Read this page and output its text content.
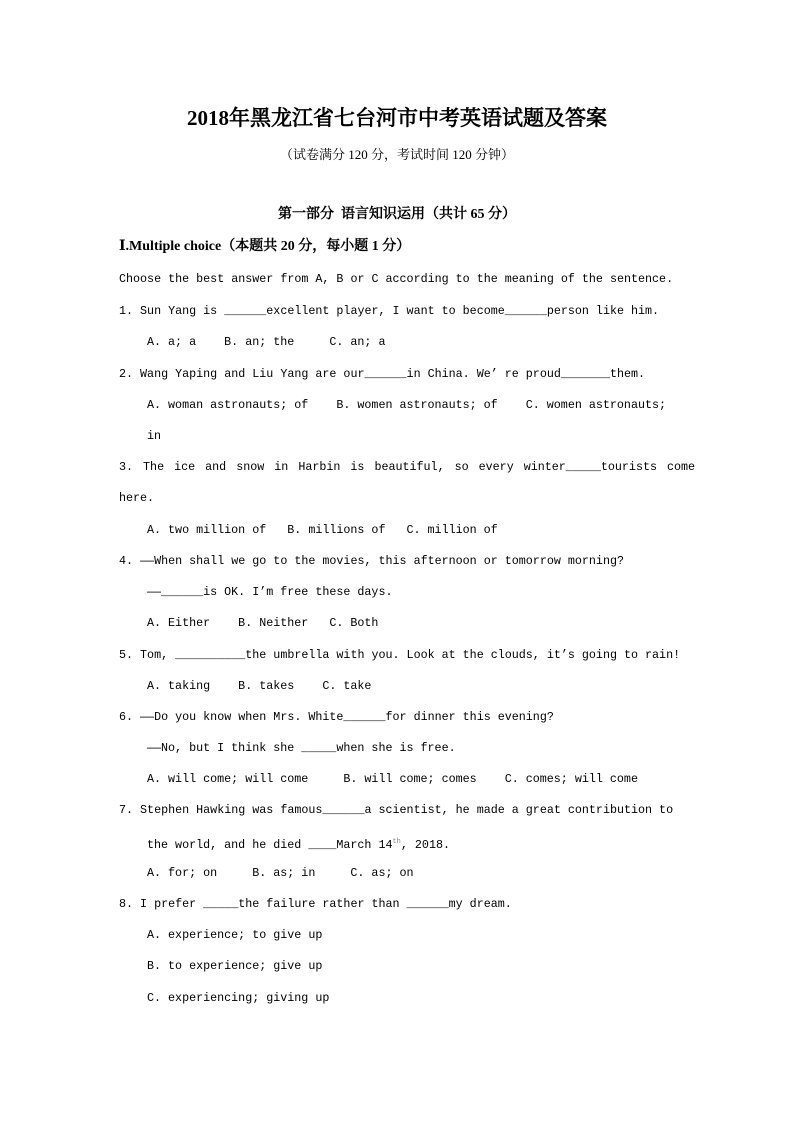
2018年黑龙江省七台河市中考英语试题及答案
（试卷满分 120 分，考试时间 120 分钟）
第一部分  语言知识运用（共计 65 分）
Ⅰ.Multiple choice（本题共 20 分，每小题 1 分）
Choose the best answer from A, B or C according to the meaning of the sentence.
1. Sun Yang is ______excellent player, I want to become______person like him.
A. a; a    B. an; the     C. an; a
2. Wang Yaping and Liu Yang are our______in China. We’ re proud_______them.
A. woman astronauts; of    B. women astronauts; of    C. women astronauts;
in
3. The ice and snow in Harbin is beautiful, so every winter_____tourists come
here.
A. two million of   B. millions of   C. million of
4. ——When shall we go to the movies, this afternoon or tomorrow morning?
——______is OK. I’m free these days.
A. Either    B. Neither   C. Both
5. Tom, __________the umbrella with you. Look at the clouds, it’s going to rain!
A. taking    B. takes    C. take
6. ——Do you know when Mrs. White______for dinner this evening?
——No, but I think she _____when she is free.
A. will come; will come     B. will come; comes    C. comes; will come
7. Stephen Hawking was famous______a scientist, he made a great contribution to
the world, and he died ____March 14th, 2018.
A. for; on     B. as; in     C. as; on
8. I prefer _____the failure rather than ______my dream.
A. experience; to give up
B. to experience; give up
C. experiencing; giving up
